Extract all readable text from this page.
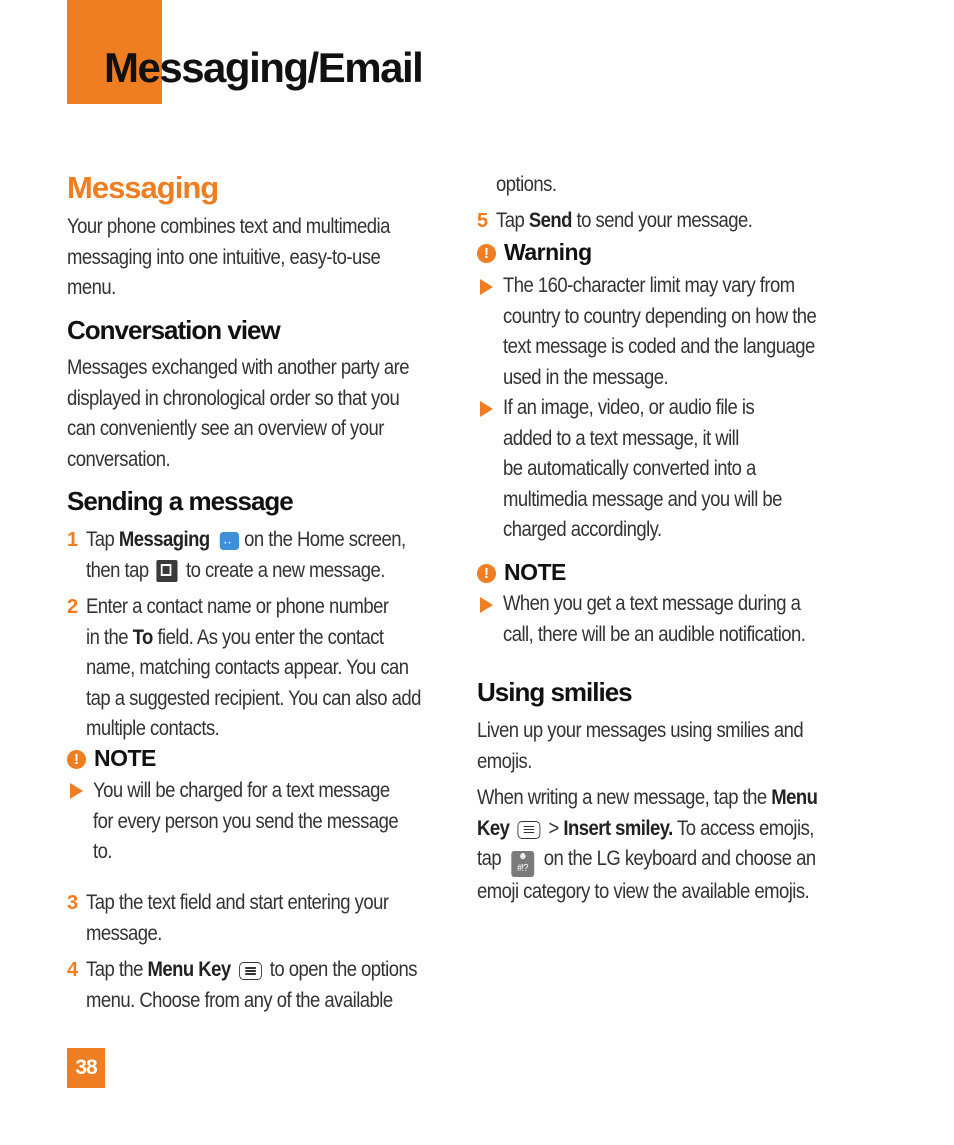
Messaging/Email
Messaging
Your phone combines text and multimedia
messaging into one intuitive, easy-to-use
menu.
Conversation view
Messages exchanged with another party are
displayed in chronological order so that you
can conveniently see an overview of your
conversation.
Sending a message
1 Tap Messaging ·· on the Home screen,
then tap to create a new message.
2 Enter a contact name or phone number
in the To field. As you enter the contact
name, matching contacts appear. You can
tap a suggested recipient. You can also add
multiple contacts.
! NOTE
You will be charged for a text message
for every person you send the message
to.
3 Tap the text field and start entering your
message.
4 Tap the Menu Key to open the options
menu. Choose from any of the available
options.
5 Tap Send to send your message.
! Warning
The 160-character limit may vary from
country to country depending on how the
text message is coded and the language
used in the message.
If an image, video, or audio file is
added to a text message, it will
be automatically converted into a
multimedia message and you will be
charged accordingly.
! NOTE
When you get a text message during a
call, there will be an audible notification.
Using smilies
Liven up your messages using smilies and
emojis.
When writing a new message, tap the Menu
Key > Insert smiley. To access emojis,
tap ☻
#!? on the LG keyboard and choose an
emoji category to view the available emojis.
38
